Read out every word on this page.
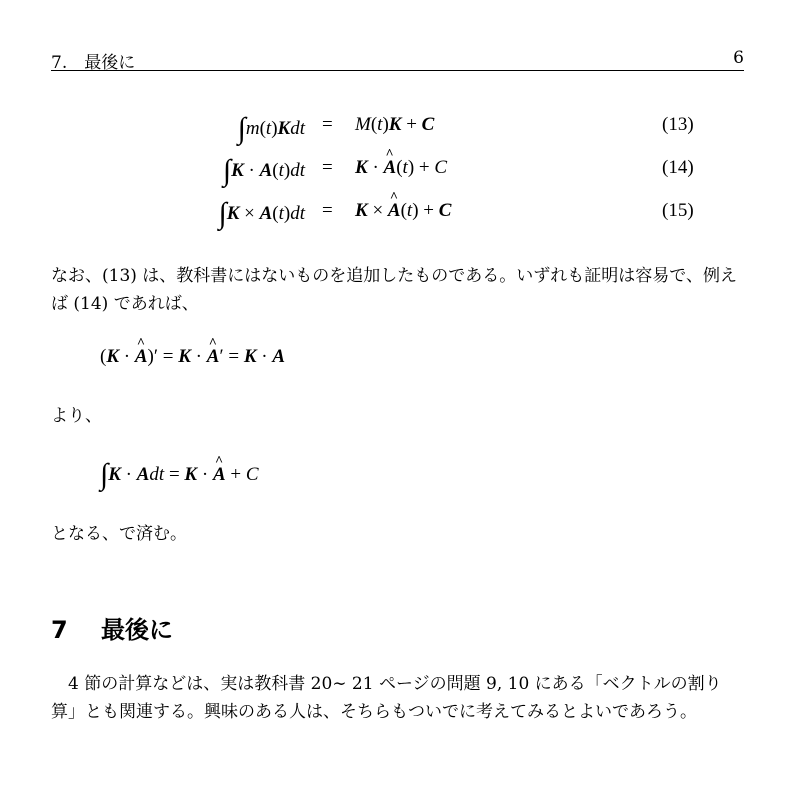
7.　最後に	6
∫m(t)Kdt = M(t)K + C	(13)
∫K · A(t)dt = K · ^ A(t) + C	(14)
∫K × A(t)dt = K × ^ A(t) + C	(15)
なお、(13) は、教科書にはないものを追加したものである。いずれも証明は容易で、例えば (14) であれば、
(K · ^ A)′ = K · ^ A′ = K · A
より、
∫K · Adt = K · ^ A + C
となる、で済む。
7 最後に
4 節の計算などは、実は教科書 20∼ 21 ページの問題 9, 10 にある「ベクトルの割り算」とも関連する。興味のある人は、そちらもついでに考えてみるとよいであろう。
